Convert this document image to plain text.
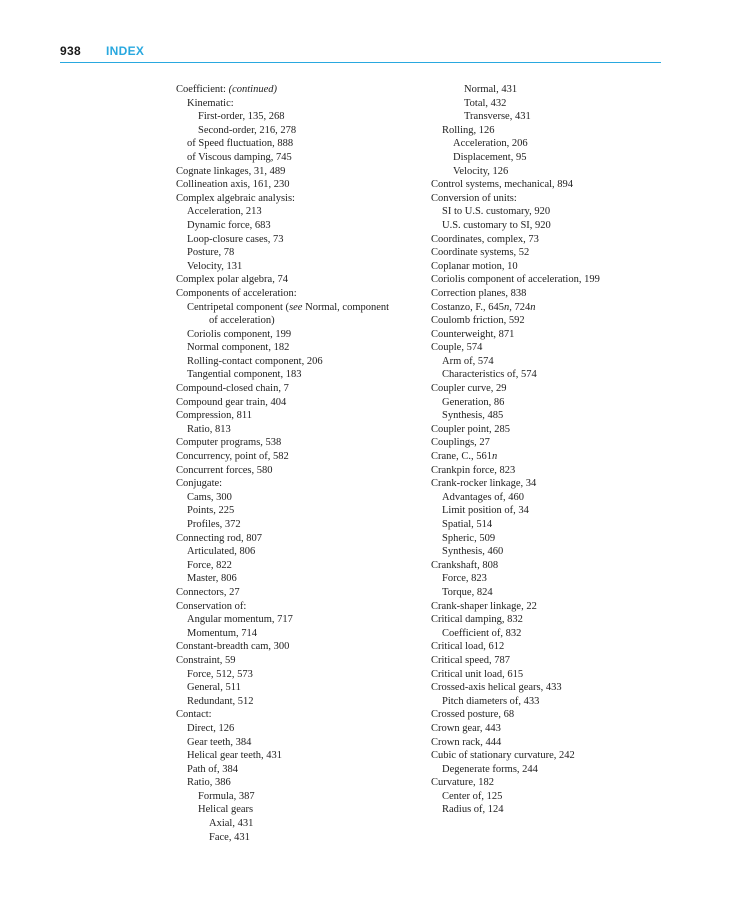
938 INDEX
Coefficient: (continued)
Kinematic:
First-order, 135, 268
Second-order, 216, 278
of Speed fluctuation, 888
of Viscous damping, 745
Cognate linkages, 31, 489
Collineation axis, 161, 230
Complex algebraic analysis:
Acceleration, 213
Dynamic force, 683
Loop-closure cases, 73
Posture, 78
Velocity, 131
Complex polar algebra, 74
Components of acceleration:
Centripetal component (see Normal, component
of acceleration)
Coriolis component, 199
Normal component, 182
Rolling-contact component, 206
Tangential component, 183
Compound-closed chain, 7
Compound gear train, 404
Compression, 811
Ratio, 813
Computer programs, 538
Concurrency, point of, 582
Concurrent forces, 580
Conjugate:
Cams, 300
Points, 225
Profiles, 372
Connecting rod, 807
Articulated, 806
Force, 822
Master, 806
Connectors, 27
Conservation of:
Angular momentum, 717
Momentum, 714
Constant-breadth cam, 300
Constraint, 59
Force, 512, 573
General, 511
Redundant, 512
Contact:
Direct, 126
Gear teeth, 384
Helical gear teeth, 431
Path of, 384
Ratio, 386
Formula, 387
Helical gears
Axial, 431
Face, 431
Normal, 431
Total, 432
Transverse, 431
Rolling, 126
Acceleration, 206
Displacement, 95
Velocity, 126
Control systems, mechanical, 894
Conversion of units:
SI to U.S. customary, 920
U.S. customary to SI, 920
Coordinates, complex, 73
Coordinate systems, 52
Coplanar motion, 10
Coriolis component of acceleration, 199
Correction planes, 838
Costanzo, F., 645n, 724n
Coulomb friction, 592
Counterweight, 871
Couple, 574
Arm of, 574
Characteristics of, 574
Coupler curve, 29
Generation, 86
Synthesis, 485
Coupler point, 285
Couplings, 27
Crane, C., 561n
Crankpin force, 823
Crank-rocker linkage, 34
Advantages of, 460
Limit position of, 34
Spatial, 514
Spheric, 509
Synthesis, 460
Crankshaft, 808
Force, 823
Torque, 824
Crank-shaper linkage, 22
Critical damping, 832
Coefficient of, 832
Critical load, 612
Critical speed, 787
Critical unit load, 615
Crossed-axis helical gears, 433
Pitch diameters of, 433
Crossed posture, 68
Crown gear, 443
Crown rack, 444
Cubic of stationary curvature, 242
Degenerate forms, 244
Curvature, 182
Center of, 125
Radius of, 124
